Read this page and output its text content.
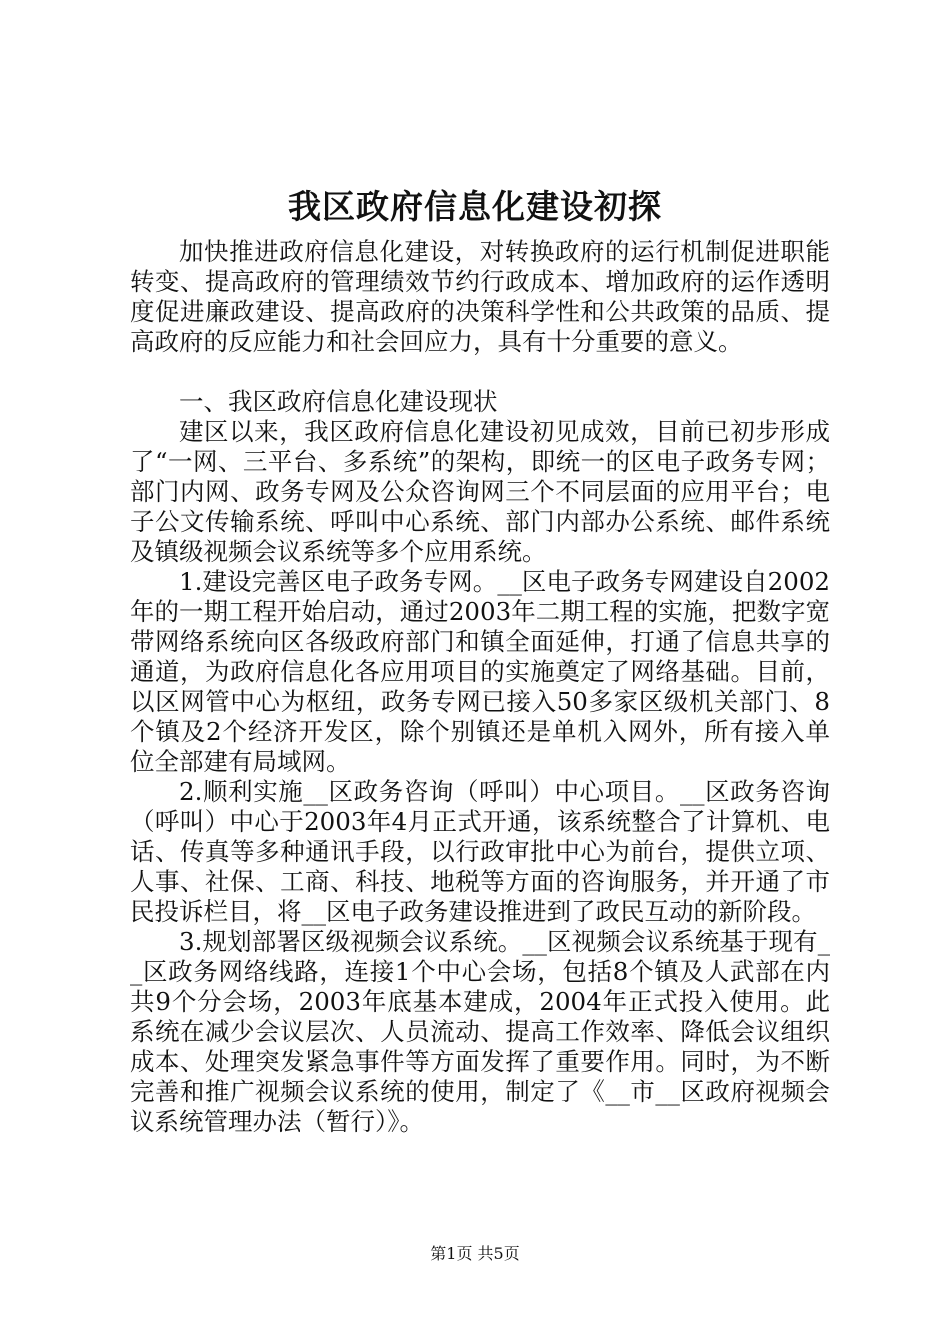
我区政府信息化建设初探

加快推进政府信息化建设，对转换政府的运行机制促进职能转变、提高政府的管理绩效节约行政成本、增加政府的运作透明度促进廉政建设、提高政府的决策科学性和公共政策的品质、提高政府的反应能力和社会回应力，具有十分重要的意义。

一、我区政府信息化建设现状

建区以来，我区政府信息化建设初见成效，目前已初步形成了“一网、三平台、多系统”的架构，即统一的区电子政务专网；部门内网、政务专网及公众咨询网三个不同层面的应用平台；电子公文传输系统、呼叫中心系统、部门内部办公系统、邮件系统及镇级视频会议系统等多个应用系统。

1.建设完善区电子政务专网。__区电子政务专网建设自2002年的一期工程开始启动，通过2003年二期工程的实施，把数字宽带网络系统向区各级政府部门和镇全面延伸，打通了信息共享的通道，为政府信息化各应用项目的实施奠定了网络基础。目前，以区网管中心为枢纽，政务专网已接入50多家区级机关部门、8个镇及2个经济开发区，除个别镇还是单机入网外，所有接入单位全部建有局域网。

2.顺利实施__区政务咨询（呼叫）中心项目。__区政务咨询（呼叫）中心于2003年4月正式开通，该系统整合了计算机、电话、传真等多种通讯手段，以行政审批中心为前台，提供立项、人事、社保、工商、科技、地税等方面的咨询服务，并开通了市民投诉栏目，将__区电子政务建设推进到了政民互动的新阶段。

3.规划部署区级视频会议系统。__区视频会议系统基于现有__区政务网络线路，连接1个中心会场，包括8个镇及人武部在内共9个分会场，2003年底基本建成，2004年正式投入使用。此系统在减少会议层次、人员流动、提高工作效率、降低会议组织成本、处理突发紧急事件等方面发挥了重要作用。同时，为不断完善和推广视频会议系统的使用，制定了《__市__区政府视频会议系统管理办法（暂行）》。

第1页 共5页
